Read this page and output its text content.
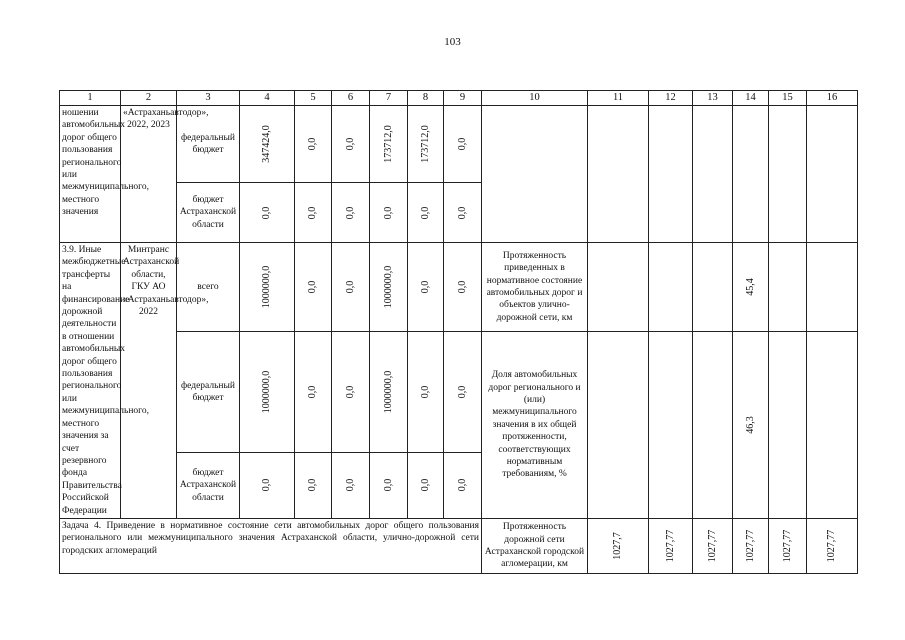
103
1	2	3	4	5	6	7	8	9	10	11	12	13	14	15	16
ношении автомобильных дорог общего пользования регионального или межмуниципального, местного значения	«Астраханьавтодор», 2022, 2023	федеральный бюджет	347424,0	0,0	0,0	173712,0	173712,0	0,0							

		бюджет Астраханской области	0,0	0,0	0,0	0,0	0,0	0,0							

3.9. Иные межбюджетные трансферты на финансирование дорожной деятельности в отношении автомобильных дорог общего пользования регионального или межмуниципального, местного значения за счет резервного фонда Правительства Российской Федерации	Минтранс Астраханской области, ГКУ АО «Астраханьавтодор», 2022	всего	1000000,0	0,0	0,0	1000000,0	0,0	0,0	Протяженность приведенных в нормативное состояние автомобильных дорог и объектов улично-дорожной сети, км				45,4		

		федеральный бюджет	1000000,0	0,0	0,0	1000000,0	0,0	0,0	Доля автомобильных дорог регионального и (или) межмуниципального значения в их общей протяженности, соответствующих нормативным требованиям, %				46,3		

		бюджет Астраханской области	0,0	0,0	0,0	0,0	0,0	0,0							

Задача 4. Приведение в нормативное состояние сети автомобильных дорог общего пользования регионального или межмуниципального значения Астраханской области, улично-дорожной сети городских агломераций									Протяженность дорожной сети Астраханской городской агломерации, км	1027,7	1027,77	1027,77	1027,77	1027,77	1027,77
